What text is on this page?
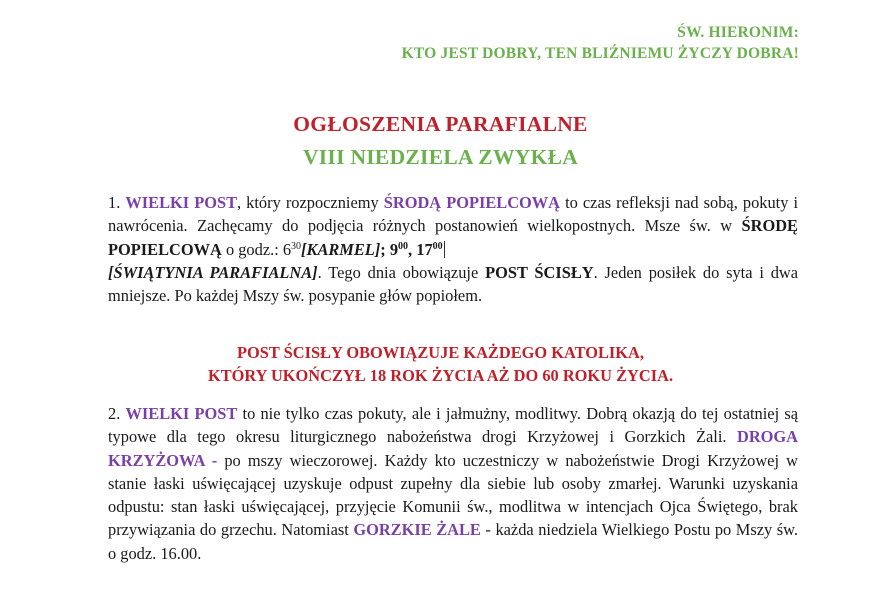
ŚW. HIERONIM:
KTO JEST DOBRY, TEN BLIŹNIEMU ŻYCZY DOBRA!
OGŁOSZENIA PARAFIALNE
VIII NIEDZIELA ZWYKŁA
1. WIELKI POST, który rozpoczniemy ŚRODĄ POPIELCOWĄ to czas refleksji nad sobą, pokuty i nawrócenia. Zachęcamy do podjęcia różnych postanowień wielkopostnych. Msze św. w ŚRODĘ POPIELCOWĄ o godz.: $6^{30}[KARMEL]$; $9^{00}$, $17^{00}$
[ŚWIĄTYNIA PARAFIALNA]. Tego dnia obowiązuje POST ŚCISŁY. Jeden posiłek do syta i dwa mniejsze. Po każdej Mszy św. posypanie głów popiołem.
POST ŚCISŁY OBOWIĄZUJE KAŻDEGO KATOLIKA,
KTÓRY UKOŃCZYŁ 18 ROK ŻYCIA AŻ DO 60 ROKU ŻYCIA.
2. WIELKI POST to nie tylko czas pokuty, ale i jałmużny, modlitwy. Dobrą okazją do tej ostatniej są typowe dla tego okresu liturgicznego nabożeństwa drogi Krzyżowej i Gorzkich Żali. DROGA KRZYŻOWA - po mszy wieczorowej. Każdy kto uczestniczy w nabożeństwie Drogi Krzyżowej w stanie łaski uświęcającej uzyskuje odpust zupełny dla siebie lub osoby zmarłej. Warunki uzyskania odpustu: stan łaski uświęcającej, przyjęcie Komunii św., modlitwa w intencjach Ojca Świętego, brak przywiązania do grzechu. Natomiast GORZKIE ŻALE - każda niedziela Wielkiego Postu po Mszy św. o godz. 16.00.
